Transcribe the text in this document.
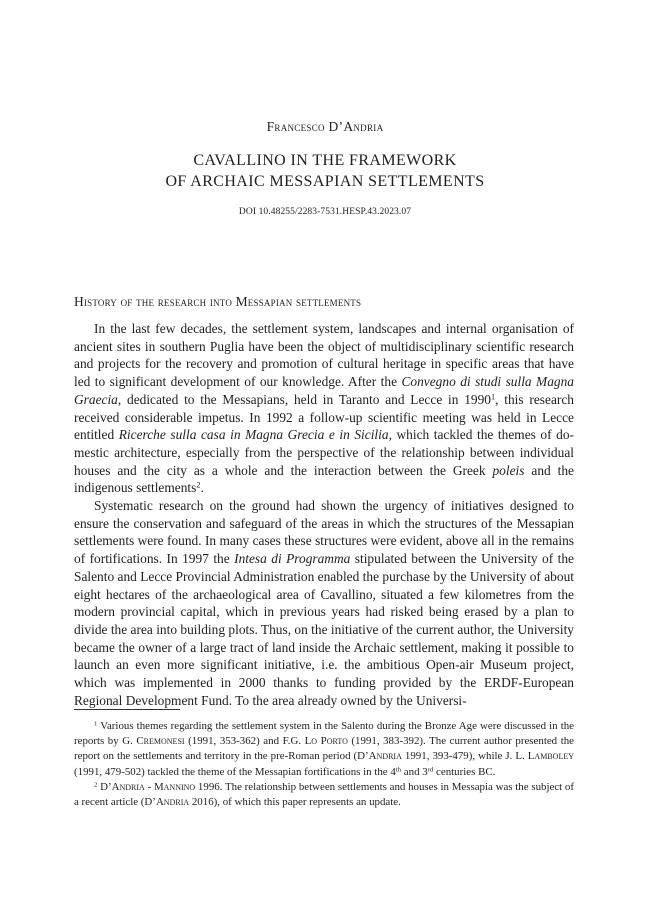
Francesco D’Andria
CAVALLINO IN THE FRAMEWORK
OF ARCHAIC MESSAPIAN SETTLEMENTS
DOI 10.48255/2283-7531.HESP.43.2023.07
History of the research into Messapian settlements

In the last few decades, the settlement system, landscapes and internal organisation of ancient sites in southern Puglia have been the object of multidisciplinary scientific research and projects for the recovery and promotion of cultural heritage in specific areas that have led to significant development of our knowledge. After the Convegno di studi sulla Magna Graecia, dedicated to the Messapians, held in Taranto and Lecce in 1990$^1$, this research received considerable impetus. In 1992 a follow-up scientific meeting was held in Lecce entitled Ricerche sulla casa in Magna Grecia e in Sicilia, which tackled the themes of domestic architecture, especially from the perspective of the relationship between individual houses and the city as a whole and the interaction between the Greek poleis and the indigenous settlements$^2$.

Systematic research on the ground had shown the urgency of initiatives designed to ensure the conservation and safeguard of the areas in which the structures of the Messapian settlements were found. In many cases these structures were evident, above all in the remains of fortifications. In 1997 the Intesa di Programma stipulated between the University of the Salento and Lecce Provincial Administration enabled the purchase by the University of about eight hectares of the archaeological area of Cavallino, situated a few kilometres from the modern provincial capital, which in previous years had risked being erased by a plan to divide the area into building plots. Thus, on the initiative of the current author, the University became the owner of a large tract of land inside the Archaic settlement, making it possible to launch an even more significant initiative, i.e. the ambitious Open-air Museum project, which was implemented in 2000 thanks to funding provided by the ERDF-European Regional Development Fund. To the area already owned by the Universi-

$^1$ Various themes regarding the settlement system in the Salento during the Bronze Age were discussed in the reports by G. Cremonesi (1991, 353-362) and F.G. Lo Porto (1991, 383-392). The current author presented the report on the settlements and territory in the pre-Roman period (D’Andria 1991, 393-479), while J. L. Lamboley (1991, 479-502) tackled the theme of the Messapian fortifications in the 4th and 3rd centuries BC.

$^2$ D’Andria - Mannino 1996. The relationship between settlements and houses in Messapia was the subject of a recent article (D’Andria 2016), of which this paper represents an update.
